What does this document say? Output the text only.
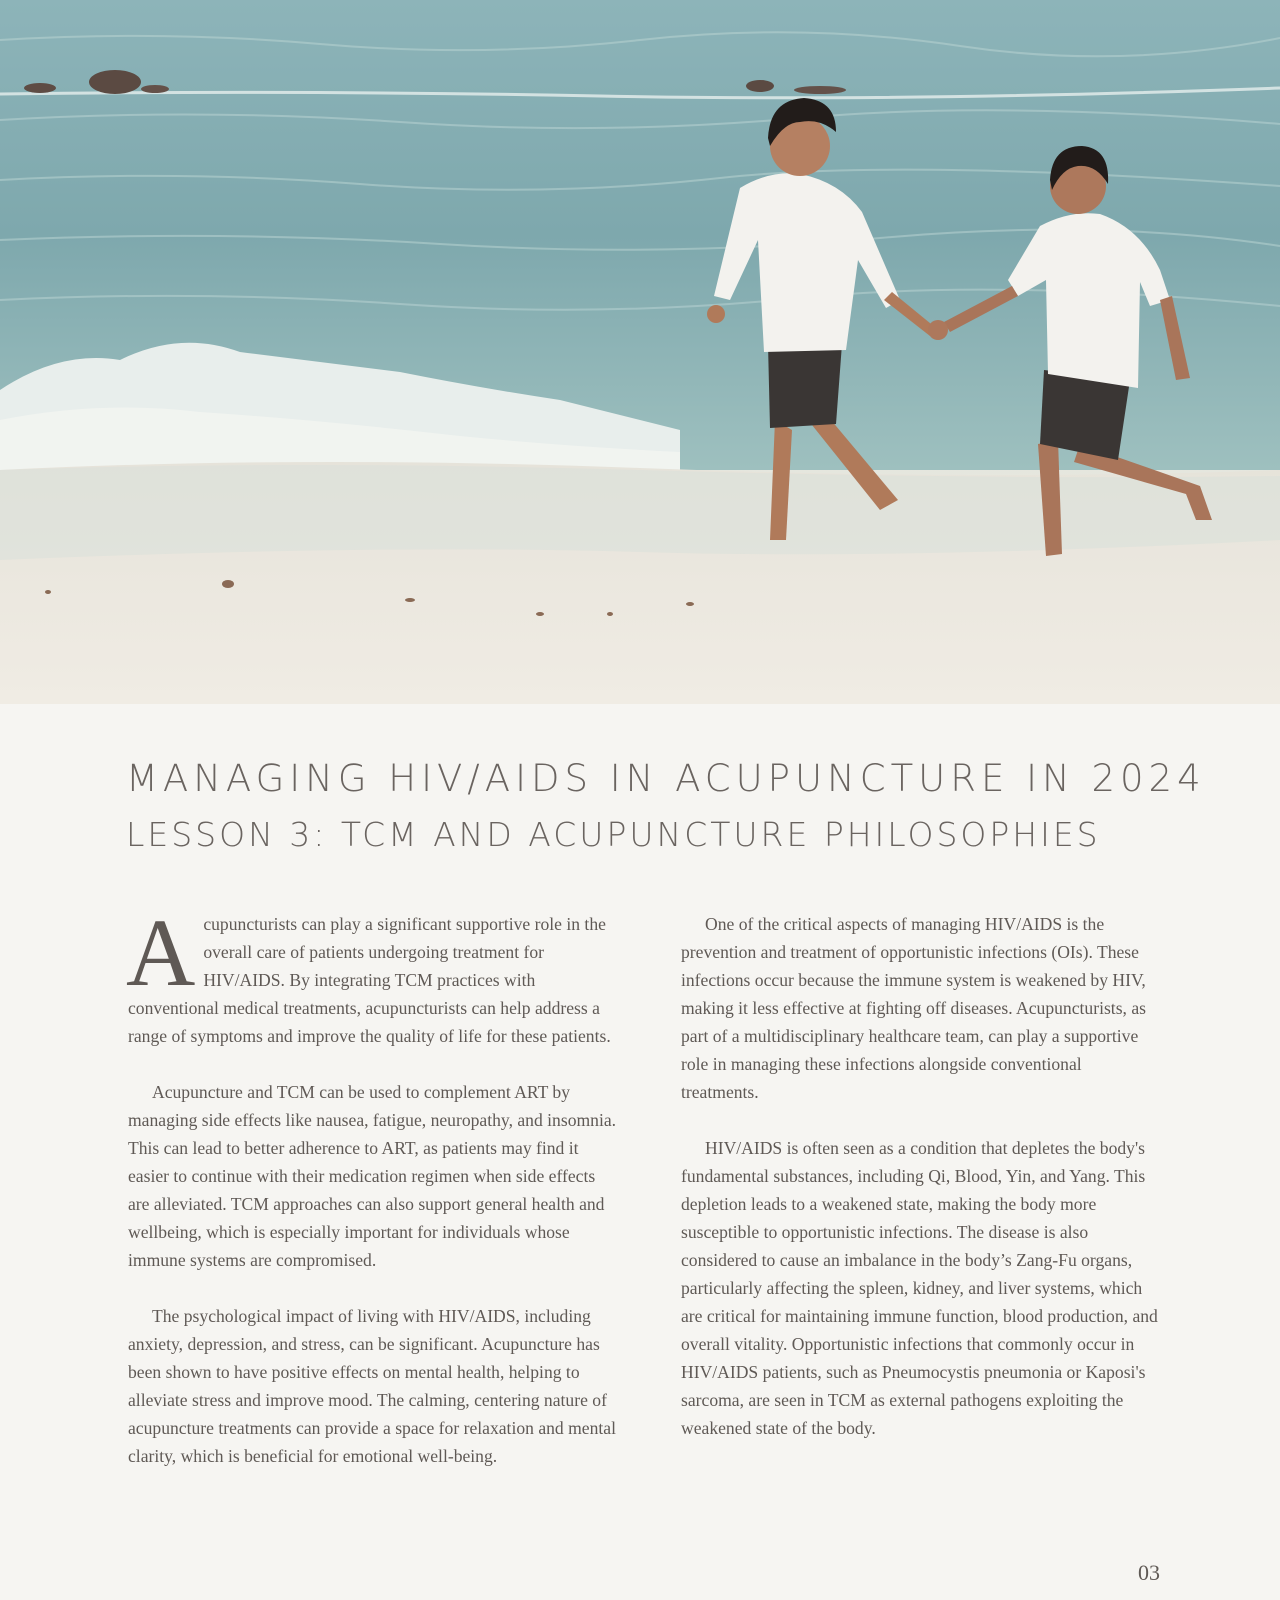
MANAGING HIV/AIDS IN ACUPUNCTURE IN 2024
LESSON 3: TCM AND ACUPUNCTURE PHILOSOPHIES

Acupuncturists can play a significant supportive role in the overall care of patients undergoing treatment for HIV/AIDS. By integrating TCM practices with conventional medical treatments, acupuncturists can help address a range of symptoms and improve the quality of life for these patients.

Acupuncture and TCM can be used to complement ART by managing side effects like nausea, fatigue, neuropathy, and insomnia. This can lead to better adherence to ART, as patients may find it easier to continue with their medication regimen when side effects are alleviated. TCM approaches can also support general health and wellbeing, which is especially important for individuals whose immune systems are compromised.

The psychological impact of living with HIV/AIDS, including anxiety, depression, and stress, can be significant. Acupuncture has been shown to have positive effects on mental health, helping to alleviate stress and improve mood. The calming, centering nature of acupuncture treatments can provide a space for relaxation and mental clarity, which is beneficial for emotional well-being.

One of the critical aspects of managing HIV/AIDS is the prevention and treatment of opportunistic infections (OIs). These infections occur because the immune system is weakened by HIV, making it less effective at fighting off diseases. Acupuncturists, as part of a multidisciplinary healthcare team, can play a supportive role in managing these infections alongside conventional treatments.

HIV/AIDS is often seen as a condition that depletes the body's fundamental substances, including Qi, Blood, Yin, and Yang. This depletion leads to a weakened state, making the body more susceptible to opportunistic infections. The disease is also considered to cause an imbalance in the body’s Zang-Fu organs, particularly affecting the spleen, kidney, and liver systems, which are critical for maintaining immune function, blood production, and overall vitality. Opportunistic infections that commonly occur in HIV/AIDS patients, such as Pneumocystis pneumonia or Kaposi's sarcoma, are seen in TCM as external pathogens exploiting the weakened state of the body.

03
